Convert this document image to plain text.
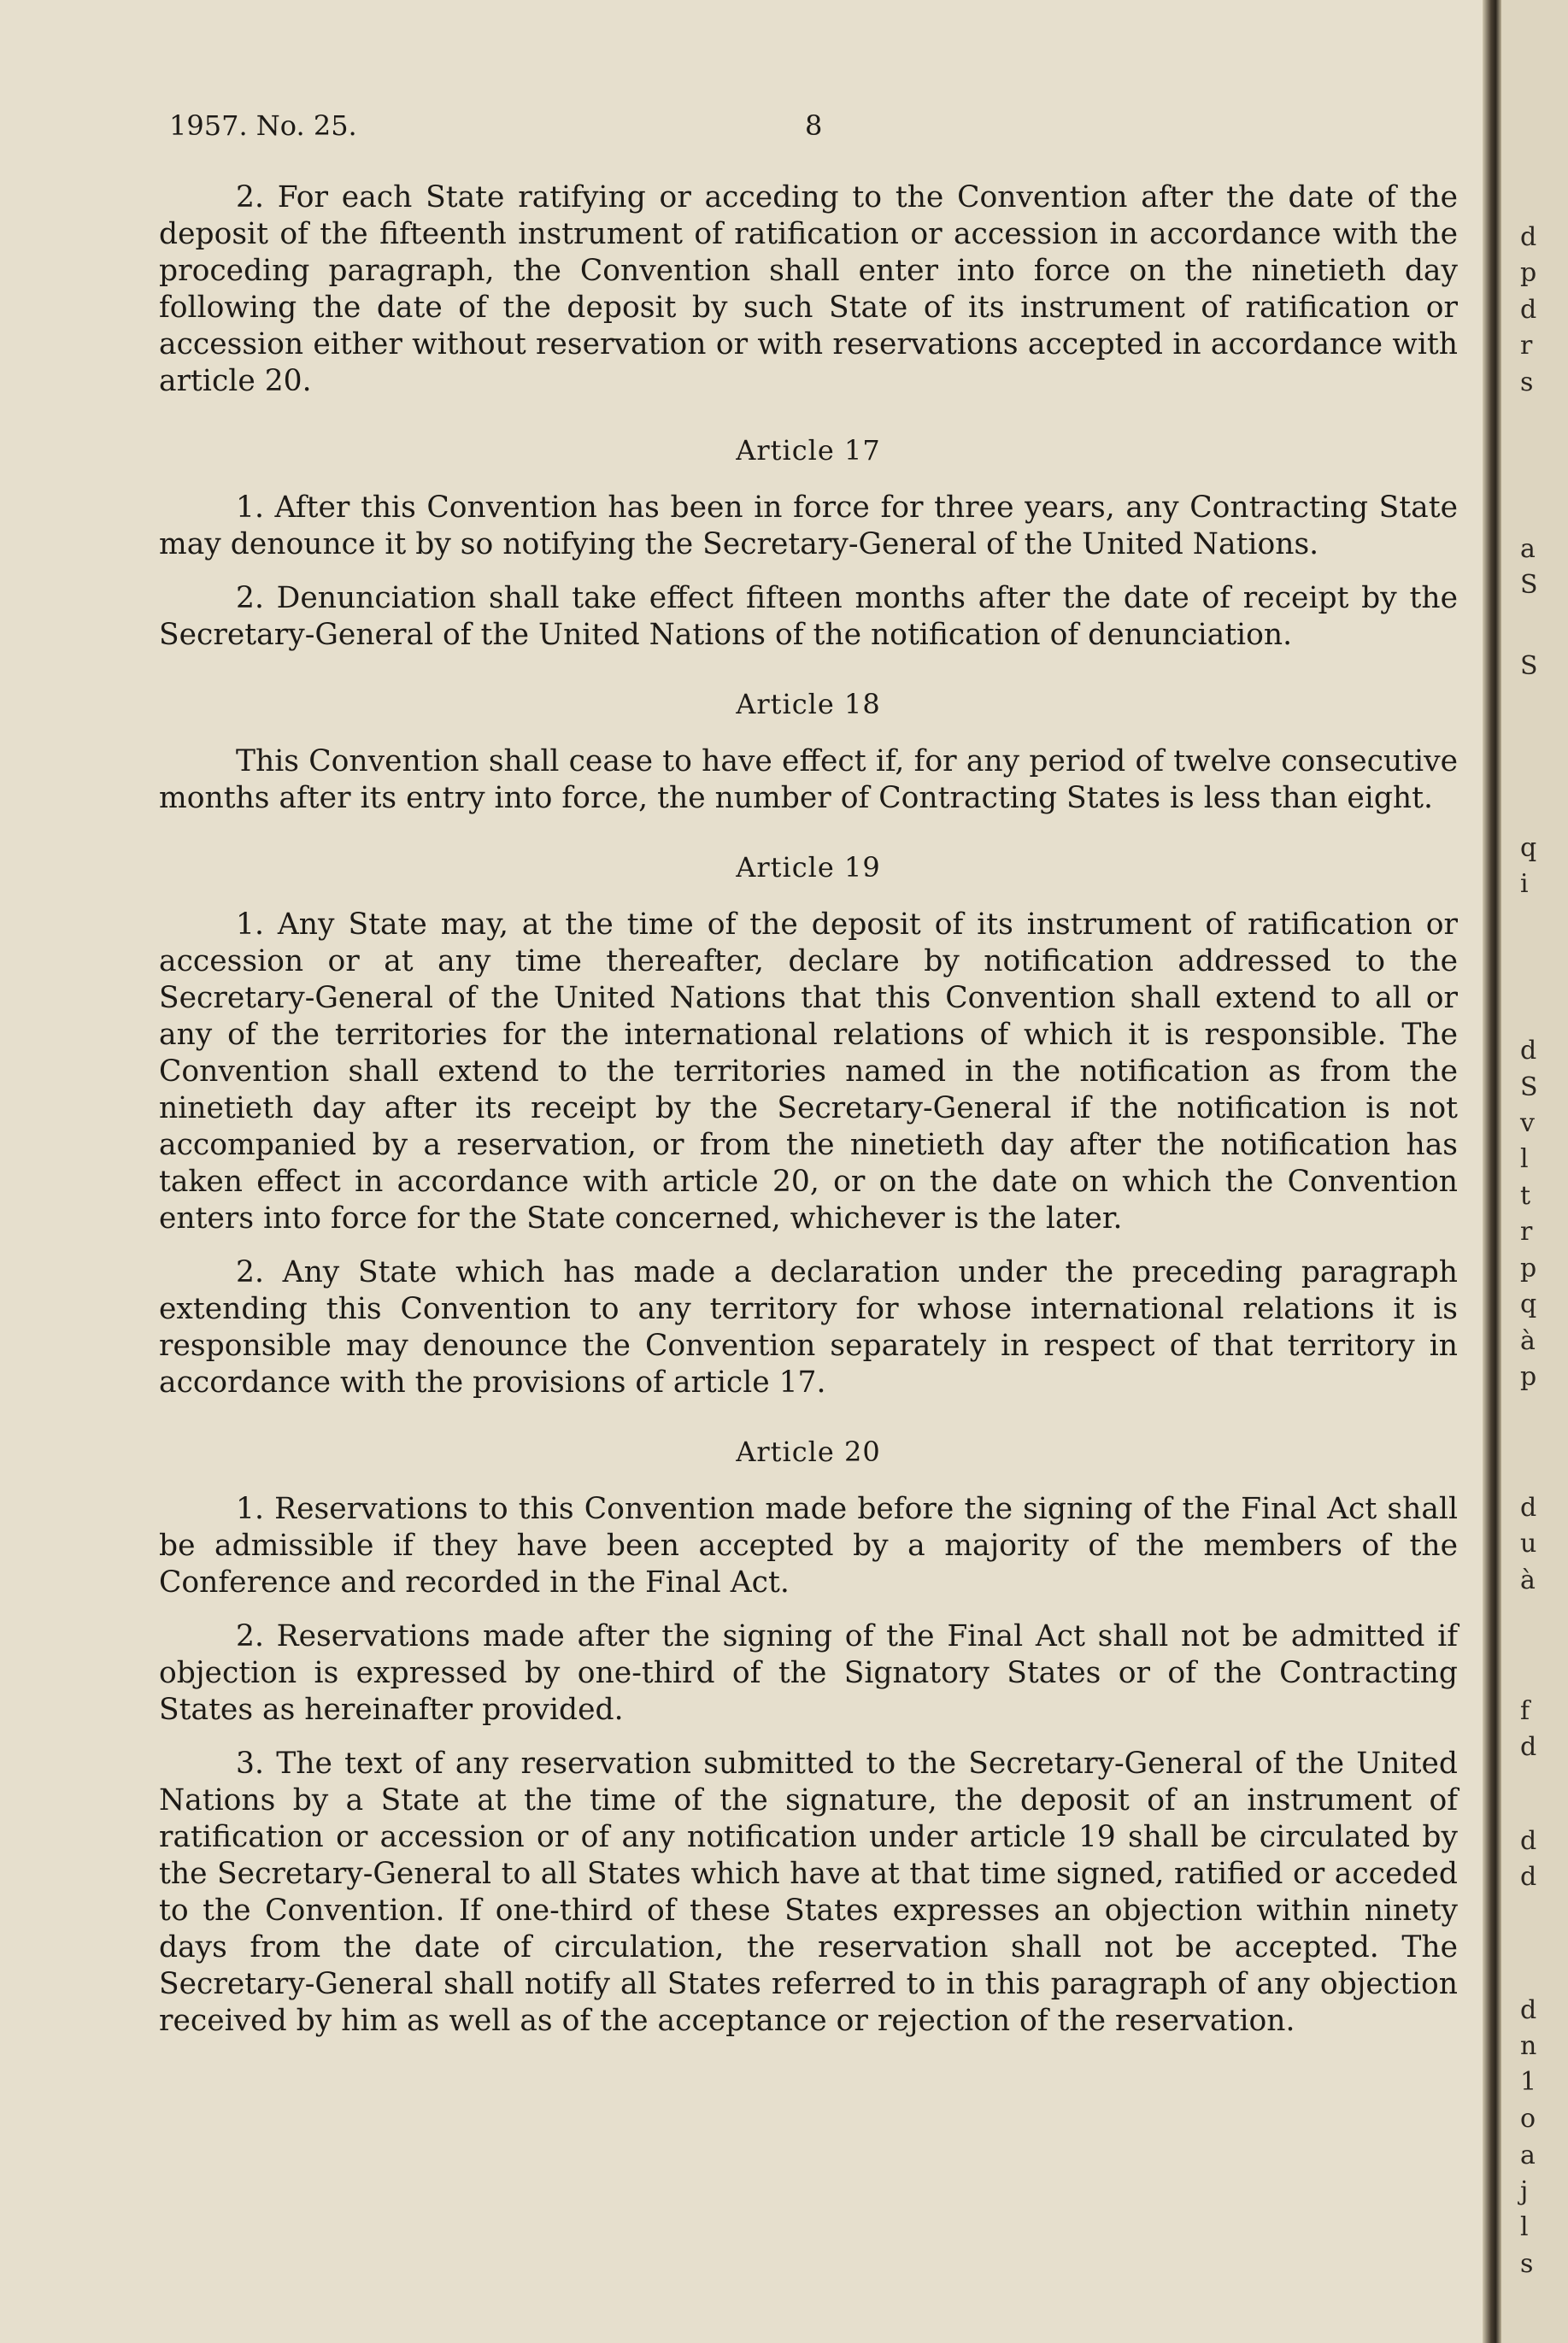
1957. No. 25.	8

2. For each State ratifying or acceding to the Convention after the date of the deposit of the fifteenth instrument of ratification or accession in accordance with the proceding paragraph, the Convention shall enter into force on the ninetieth day following the date of the deposit by such State of its instrument of ratification or accession either without reservation or with reservations accepted in accordance with article 20.

Article 17

1. After this Convention has been in force for three years, any Contracting State may denounce it by so notifying the Secretary-General of the United Nations.

2. Denunciation shall take effect fifteen months after the date of receipt by the Secretary-General of the United Nations of the notification of denunciation.

Article 18

This Convention shall cease to have effect if, for any period of twelve consecutive months after its entry into force, the number of Contracting States is less than eight.

Article 19

1. Any State may, at the time of the deposit of its instrument of ratification or accession or at any time thereafter, declare by notification addressed to the Secretary-General of the United Nations that this Convention shall extend to all or any of the territories for the international relations of which it is responsible. The Convention shall extend to the territories named in the notification as from the ninetieth day after its receipt by the Secretary-General if the notification is not accompanied by a reservation, or from the ninetieth day after the notification has taken effect in accordance with article 20, or on the date on which the Convention enters into force for the State concerned, whichever is the later.

2. Any State which has made a declaration under the preceding paragraph extending this Convention to any territory for whose international relations it is responsible may denounce the Convention separately in respect of that territory in accordance with the provisions of article 17.

Article 20

1. Reservations to this Convention made before the signing of the Final Act shall be admissible if they have been accepted by a majority of the members of the Conference and recorded in the Final Act.

2. Reservations made after the signing of the Final Act shall not be admitted if objection is expressed by one-third of the Signatory States or of the Contracting States as hereinafter provided.

3. The text of any reservation submitted to the Secretary-General of the United Nations by a State at the time of the signature, the deposit of an instrument of ratification or accession or of any notification under article 19 shall be circulated by the Secretary-General to all States which have at that time signed, ratified or acceded to the Convention. If one-third of these States expresses an objection within ninety days from the date of circulation, the reservation shall not be accepted. The Secretary-General shall notify all States referred to in this paragraph of any objection received by him as well as of the acceptance or rejection of the reservation.

d
p
d
r
s
a
S
S
q
i
d
S
v
l
t
r
p
q
à
p
d
u
à
f
d
d
d
d
n
1
o
a
j
l
s
